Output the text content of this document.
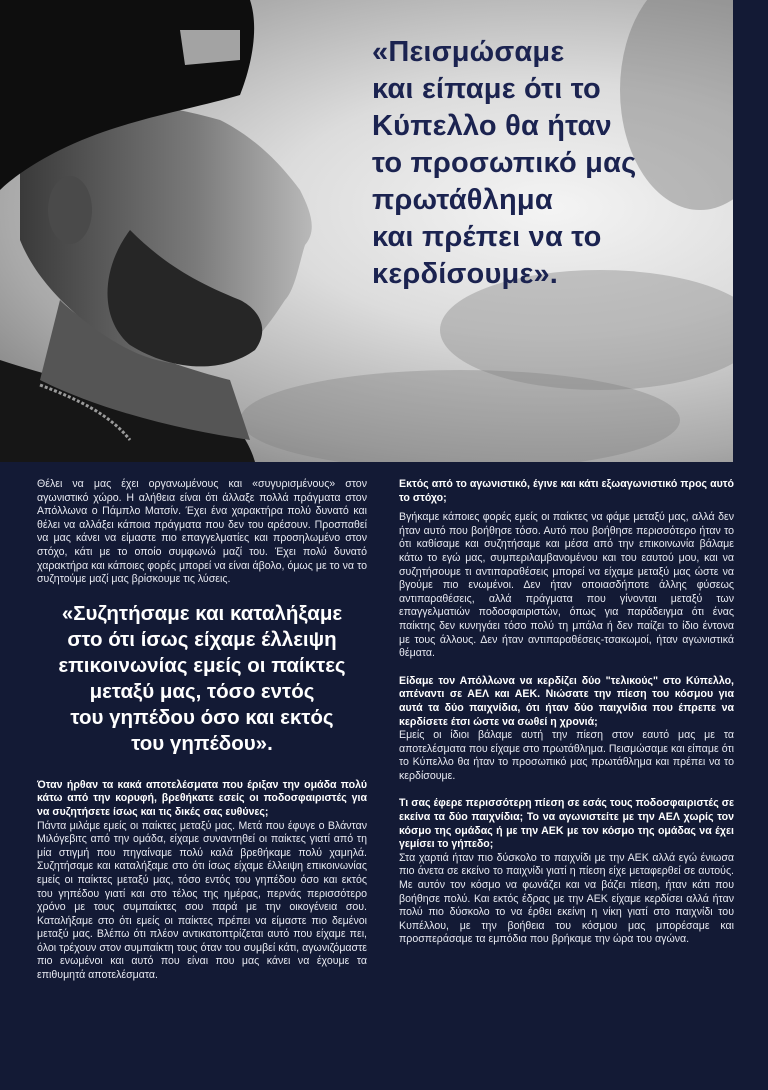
«Πεισμώσαμε
και είπαμε ότι το
Κύπελλο θα ήταν
το προσωπικό μας
πρωτάθλημα
και πρέπει να το
κερδίσουμε».

Θέλει να μας έχει οργανωμένους και «συγυρισμένους» στον αγωνιστικό χώρο. Η αλήθεια είναι ότι άλλαξε πολλά πράγματα στον Απόλλωνα ο Πάμπλο Ματσίν. Έχει ένα χαρακτήρα πολύ δυνατό και θέλει να αλλάξει κάποια πράγματα που δεν του αρέσουν. Προσπαθεί να μας κάνει να είμαστε πιο επαγγελματίες και προσηλωμένο στον στόχο, κάτι με το οποίο συμφωνώ μαζί του. Έχει πολύ δυνατό χαρακτήρα και κάποιες φορές μπορεί να είναι άβολο, όμως με το να το συζητούμε μαζί μας βρίσκουμε τις λύσεις.

«Συζητήσαμε και καταλήξαμε
στο ότι ίσως είχαμε έλλειψη
επικοινωνίας εμείς οι παίκτες
μεταξύ μας, τόσο εντός
του γηπέδου όσο και εκτός
του γηπέδου».

Όταν ήρθαν τα κακά αποτελέσματα που έριξαν την ομάδα πολύ κάτω από την κορυφή, βρεθήκατε εσείς οι ποδοσφαιριστές για να συζητήσετε ίσως και τις δικές σας ευθύνες;

Πάντα μιλάμε εμείς οι παίκτες μεταξύ μας. Μετά που έφυγε ο Βλάνταν Μιλόγεβιτς από την ομάδα, είχαμε συναντηθεί οι παίκτες γιατί από τη μία στιγμή που πηγαίναμε πολύ καλά βρεθήκαμε πολύ χαμηλά. Συζητήσαμε και καταλήξαμε στο ότι ίσως είχαμε έλλειψη επικοινωνίας εμείς οι παίκτες μεταξύ μας, τόσο εντός του γηπέδου όσο και εκτός του γηπέδου γιατί και στο τέλος της ημέρας, περνάς περισσότερο χρόνο με τους συμπαίκτες σου παρά με την οικογένεια σου. Καταλήξαμε στο ότι εμείς οι παίκτες πρέπει να είμαστε πιο δεμένοι μεταξύ μας. Βλέπω ότι πλέον αντικατοπτρίζεται αυτό που είχαμε πει, όλοι τρέχουν στον συμπαίκτη τους όταν του συμβεί κάτι, αγωνιζόμαστε πιο ενωμένοι και αυτό που είναι που μας κάνει να έχουμε τα επιθυμητά αποτελέσματα.

Εκτός από το αγωνιστικό, έγινε και κάτι εξωαγωνιστικό προς αυτό το στόχο;

Βγήκαμε κάποιες φορές εμείς οι παίκτες να φάμε μεταξύ μας, αλλά δεν ήταν αυτό που βοήθησε τόσο. Αυτό που βοήθησε περισσότερο ήταν το ότι καθίσαμε και συζητήσαμε και μέσα από την επικοινωνία βάλαμε κάτω το εγώ μας, συμπεριλαμβανομένου και του εαυτού μου, και να συζητήσουμε τι αντιπαραθέσεις μπορεί να είχαμε μεταξύ μας ώστε να βγούμε πιο ενωμένοι. Δεν ήταν οποιασδήποτε άλλης φύσεως αντιπαραθέσεις, αλλά πράγματα που γίνονται μεταξύ των επαγγελματιών ποδοσφαιριστών, όπως για παράδειγμα ότι ένας παίκτης δεν κυνηγάει τόσο πολύ τη μπάλα ή δεν παίζει το ίδιο έντονα με τους άλλους. Δεν ήταν αντιπαραθέσεις-τσακωμοί, ήταν αγωνιστικά θέματα.

Είδαμε τον Απόλλωνα να κερδίζει δύο "τελικούς" στο Κύπελλο, απέναντι σε ΑΕΛ και ΑΕΚ. Νιώσατε την πίεση του κόσμου για αυτά τα δύο παιχνίδια, ότι ήταν δύο παιχνίδια που έπρεπε να κερδίσετε έτσι ώστε να σωθεί η χρονιά;

Εμείς οι ίδιοι βάλαμε αυτή την πίεση στον εαυτό μας με τα αποτελέσματα που είχαμε στο πρωτάθλημα. Πεισμώσαμε και είπαμε ότι το Κύπελλο θα ήταν το προσωπικό μας πρωτάθλημα και πρέπει να το κερδίσουμε.

Τι σας έφερε περισσότερη πίεση σε εσάς τους ποδοσφαιριστές σε εκείνα τα δύο παιχνίδια; Το να αγωνιστείτε με την ΑΕΛ χωρίς τον κόσμο της ομάδας ή με την ΑΕΚ με τον κόσμο της ομάδας να έχει γεμίσει το γήπεδο;

Στα χαρτιά ήταν πιο δύσκολο το παιχνίδι με την ΑΕΚ αλλά εγώ ένιωσα πιο άνετα σε εκείνο το παιχνίδι γιατί η πίεση είχε μεταφερθεί σε αυτούς. Με αυτόν τον κόσμο να φωνάζει και να βάζει πίεση, ήταν κάτι που βοήθησε πολύ. Και εκτός έδρας με την ΑΕΚ είχαμε κερδίσει αλλά ήταν πολύ πιο δύσκολο το να έρθει εκείνη η νίκη γιατί στο παιχνίδι του Κυπέλλου, με την βοήθεια του κόσμου μας μπορέσαμε και προσπεράσαμε τα εμπόδια που βρήκαμε την ώρα του αγώνα.
